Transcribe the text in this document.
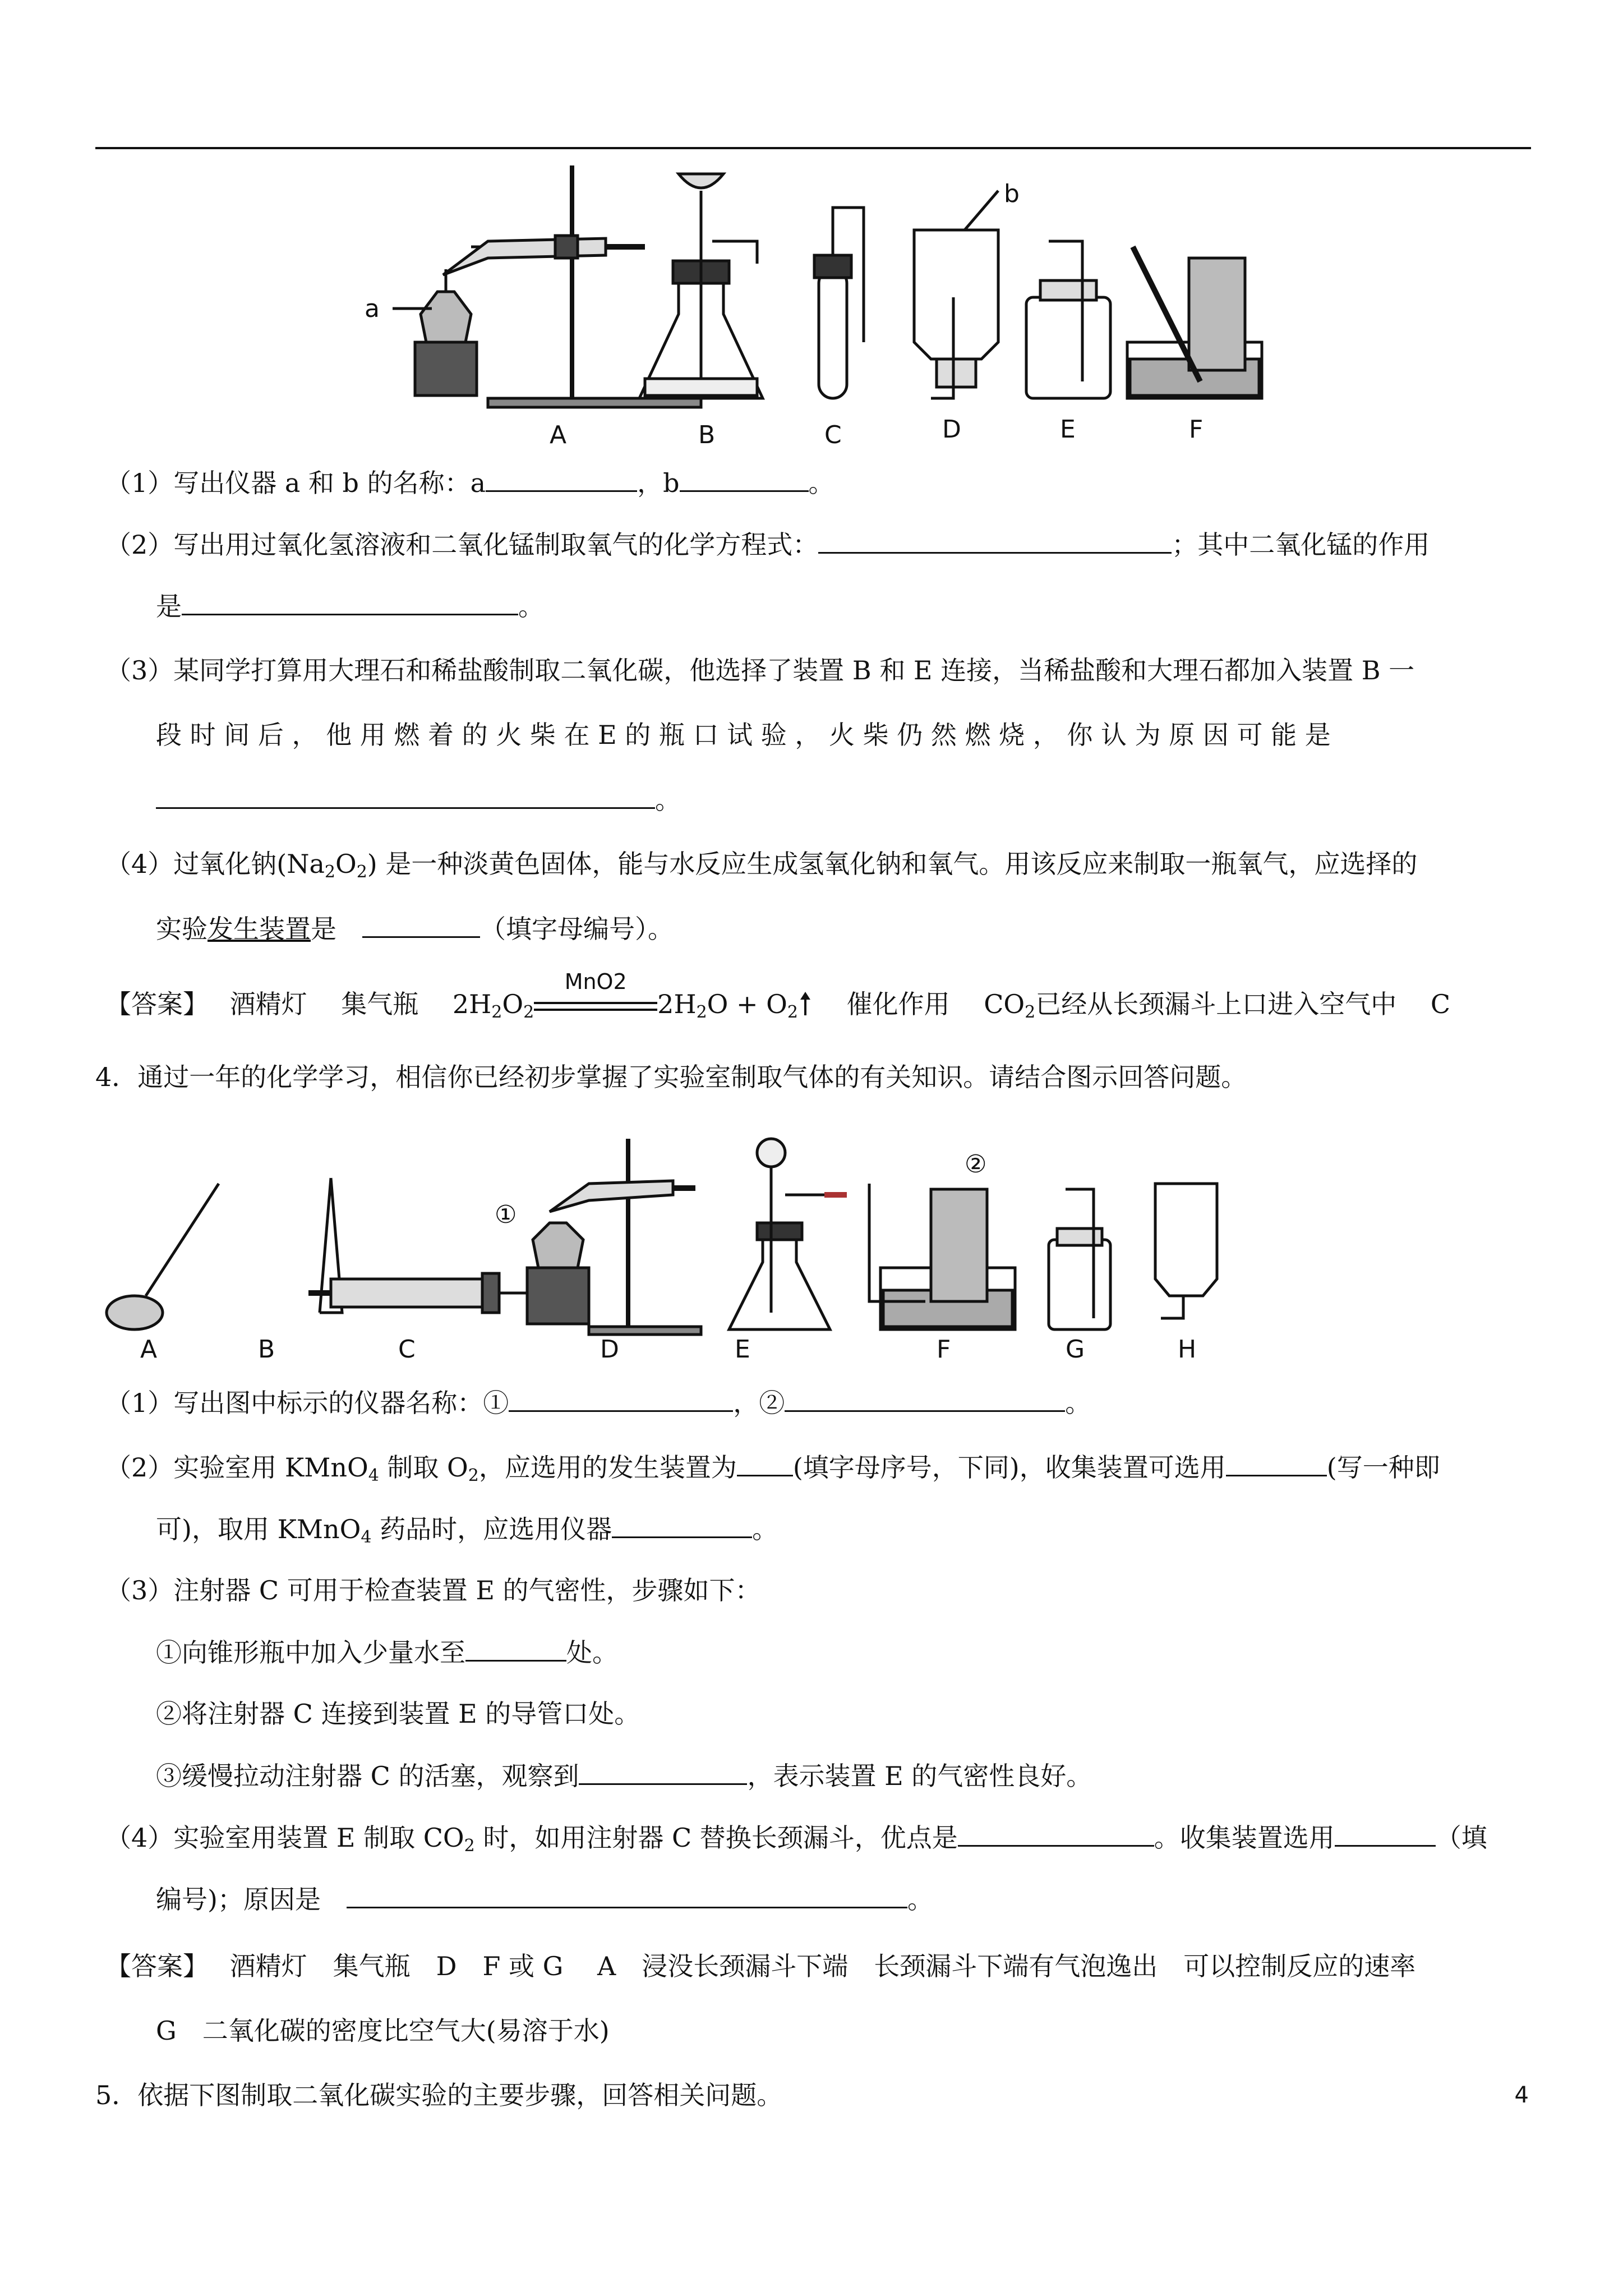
a
b
A	B	C	D	E	F
（1）写出仪器 a 和 b 的名称：a	，b	。
（2）写出用过氧化氢溶液和二氧化锰制取氧气的化学方程式：	；其中二氧化锰的作用
是	。
（3）某同学打算用大理石和稀盐酸制取二氧化碳，他选择了装置 B 和 E 连接，当稀盐酸和大理石都加入装置 B 一
段 时 间 后 ， 他 用 燃 着 的 火 柴 在 E 的 瓶 口 试 验 ， 火 柴 仍 然 燃 烧 ， 你 认 为 原 因 可 能 是
。
（4）过氧化钠$(Na_2O_2)$ 是一种淡黄色固体，能与水反应生成氢氧化钠和氧气。用该反应来制取一瓶氧气，应选择的
实验发生装置是　	（填字母编号）。
【答案】　 酒精灯　 集气瓶　 $2H_2O_2$
MnO2
$2H_2O + O_2$　 催化作用　 $CO_2$已经从长颈漏斗上口进入空气中　 C
4．通过一年的化学学习，相信你已经初步掌握了实验室制取气体的有关知识。请结合图示回答问题。
①
②
A	B	C	D	E	F	G	H
（1）写出图中标示的仪器名称：①	，②	。
（2）实验室用 KMnO$_4$ 制取 $O_2$，应选用的发生装置为 (填字母序号，下同)，收集装置可选用	(写一种即
可)，取用 KMnO$_4$ 药品时，应选用仪器	。
（3）注射器 C 可用于检查装置 E 的气密性，步骤如下：
①向锥形瓶中加入少量水至	处。
②将注射器 C 连接到装置 E 的导管口处。
③缓慢拉动注射器 C 的活塞，观察到	，表示装置 E 的气密性良好。
（4）实验室用装置 E 制取 $CO_2$ 时，如用注射器 C 替换长颈漏斗，优点是	。收集装置选用	（填
编号)；原因是　	。
【答案】　 酒精灯　集气瓶　D　F 或 G　 A　浸没长颈漏斗下端　长颈漏斗下端有气泡逸出　可以控制反应的速率
G　二氧化碳的密度比空气大(易溶于水)
5．依据下图制取二氧化碳实验的主要步骤，回答相关问题。	4
